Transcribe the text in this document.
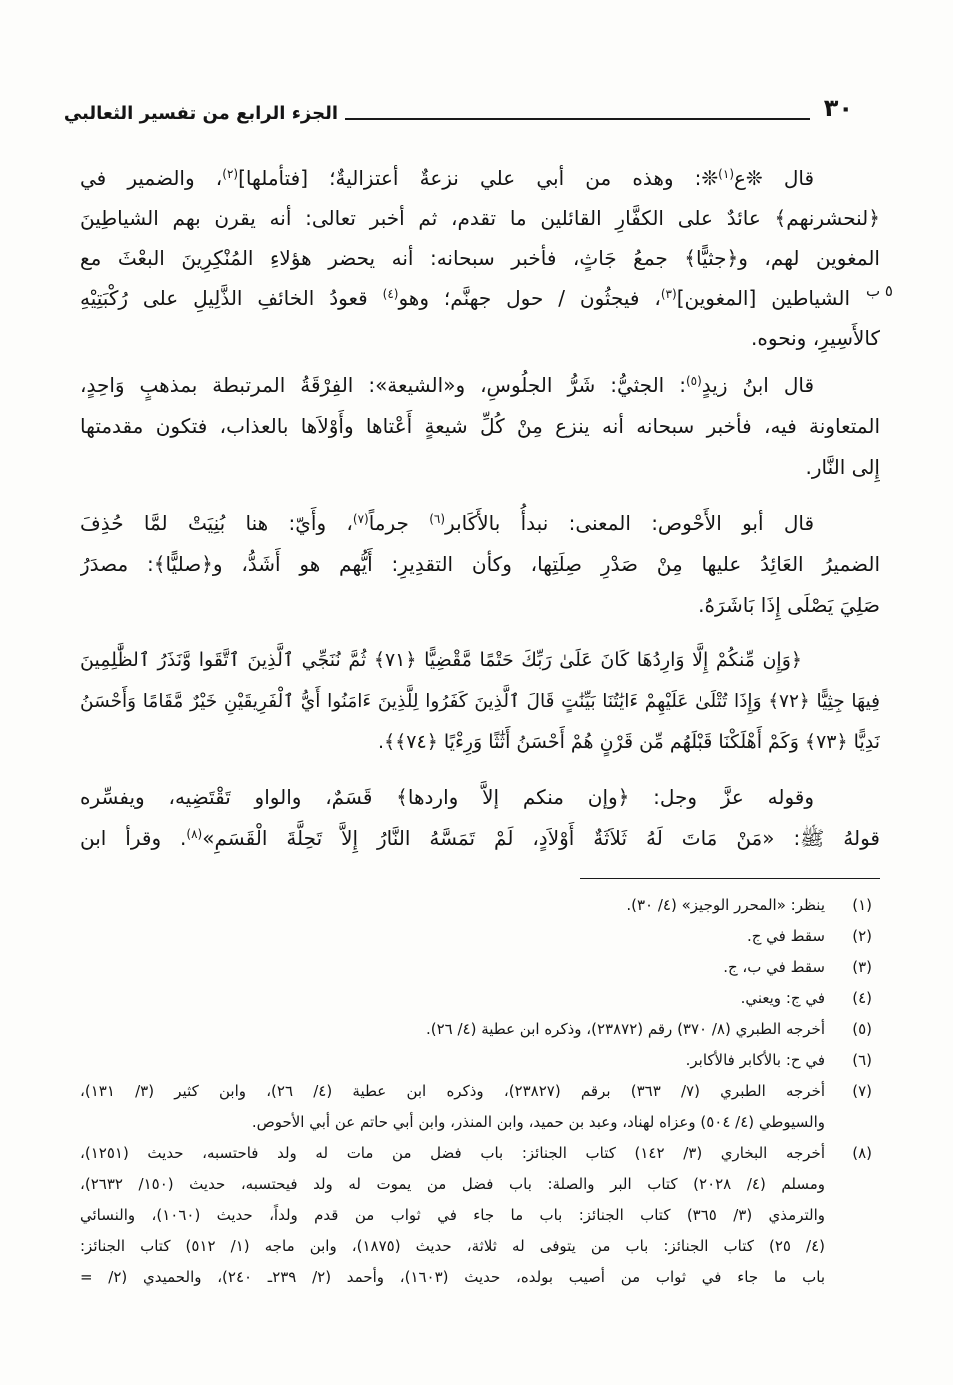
٣٠
الجزء الرابع من تفسير الثعالبي
٥ ب
قال ❊ع$^{(١)}$❊: وهذه من أبي علي نزعةٌ أعتزاليةٌ؛ [فتأملها]$^{(٢)}$، والضمير في
﴿لنحشرنهم﴾ عائدٌ على الكفَّارِ القائلين ما تقدم، ثم أخبر تعالى: أنه يقرن بهم الشياطِينَ
المغوين لهم، و﴿جثيًّا﴾ جمعُ جَاثٍ، فأخبر سبحانه: أنه يحضر هؤلاءِ المُنْكِرِينَ البعْثَ مع
الشياطين [المغوين]$^{(٣)}$، فيجثُون / حول جهنَّم؛ وهو$^{(٤)}$ قعودُ الخائفِ الذَّلِيلِ على رُكْبَتِيْهِ
كالأَسِيرِ، ونحوه.
قال ابنُ زيدٍ$^{(٥)}$: الجثيُّ: شَرُّ الجلُوسِ، و«الشيعة»: الفِرْقَةُ المرتبطة بمذهبٍ وَاحِدٍ،
المتعاونة فيه، فأخبر سبحانه أنه ينزع مِنْ كُلِّ شيعةٍ أَعْتاها وأَوْلاَها بالعذاب، فتكون مقدمتها
إِلى النَّار.
قال أبو الأَحْوص: المعنى: نبدأُ بالأَكَابر$^{(٦)}$ جرماً$^{(٧)}$، وأَيّ: هنا بُنِيَتْ لمَّا حُذِفَ
الضميرُ العَائِدُ عليها مِنْ صَدْرِ صِلَتِها، وكأن التقدِيرِ: أَيُّهم هو أَشَدُّ، و﴿صليًّا﴾: مصدَرُ
صَلِيَ يَصْلَى إِذَا بَاشَرَهُ.
﴿وَإِن مِّنكُمْ إِلَّا وَارِدُهَا كَانَ عَلَىٰ رَبِّكَ حَتْمًا مَّقْضِيًّا ﴿٧١﴾ ثُمَّ نُنَجِّي ٱلَّذِينَ ٱتَّقَوا وَّنَذَرُ ٱلظَّٰلِمِينَ
فِيهَا جِثِيًّا ﴿٧٢﴾ وَإِذَا تُتْلَىٰ عَلَيْهِمْ ءَايَٰتُنَا بَيِّنَٰتٍ قَالَ ٱلَّذِينَ كَفَرُوا لِلَّذِينَ ءَامَنُوا أَيُّ ٱلْفَرِيقَيْنِ خَيْرٌ مَّقَامًا وَأَحْسَنُ
نَدِيًّا ﴿٧٣﴾ وَكَمْ أَهْلَكْنَا قَبْلَهُم مِّن قَرْنٍ هُمْ أَحْسَنُ أَثَٰثًا وَرِءْيًا ﴿٧٤﴾﴾.
وقوله عزَّ وجل: ﴿وإن منكم إلاَّ واردها﴾ قَسَمٌ، والواو تَقْتَضِيه، ويفسِّره
قولهُ ﷺ: «مَنْ مَاتَ لَهُ ثَلاَثَةٌ أَوْلاَدٍ، لَمْ تَمَسَّهُ النَّارُ إِلاَّ تَحِلَّةَ الْقَسَمِ»$^{(٨)}$. وقرأ ابن
(١)
ينظر: «المحرر الوجيز» (٤/ ٣٠).
(٢)
سقط في ج.
(٣)
سقط في ب، ج.
(٤)
في ج: ويعني.
(٥)
أخرجه الطبري (٨/ ٣٧٠) رقم (٢٣٨٧٢)، وذكره ابن عطية (٤/ ٢٦).
(٦)
في ح: بالأكابر فالأكابر.
(٧)
أخرجه الطبري (٧/ ٣٦٣) برقم (٢٣٨٢٧)، وذكره ابن عطية (٤/ ٢٦)، وابن كثير (٣/ ١٣١)،
والسيوطي (٤/ ٥٠٤) وعزاه لهناد، وعبد بن حميد، وابن المنذر، وابن أبي حاتم عن أبي الأحوص.
(٨)
أخرجه البخاري (٣/ ١٤٢) كتاب الجنائز: باب فضل من مات له ولد فاحتسبه، حديث (١٢٥١)،
ومسلم (٤/ ٢٠٢٨) كتاب البر والصلة: باب فضل من يموت له ولد فيحتسبه، حديث (١٥٠/ ٢٦٣٢)،
والترمذي (٣/ ٣٦٥) كتاب الجنائز: باب ما جاء في ثواب من قدم ولداً، حديث (١٠٦٠)، والنسائي
(٤/ ٢٥) كتاب الجنائز: باب من يتوفى له ثلاثة، حديث (١٨٧٥)، وابن ماجه (١/ ٥١٢) كتاب الجنائز:
باب ما جاء في ثواب من أصيب بولده، حديث (١٦٠٣)، وأحمد (٢/ ٢٣٩ـ ٢٤٠)، والحميدي (٢/ =
